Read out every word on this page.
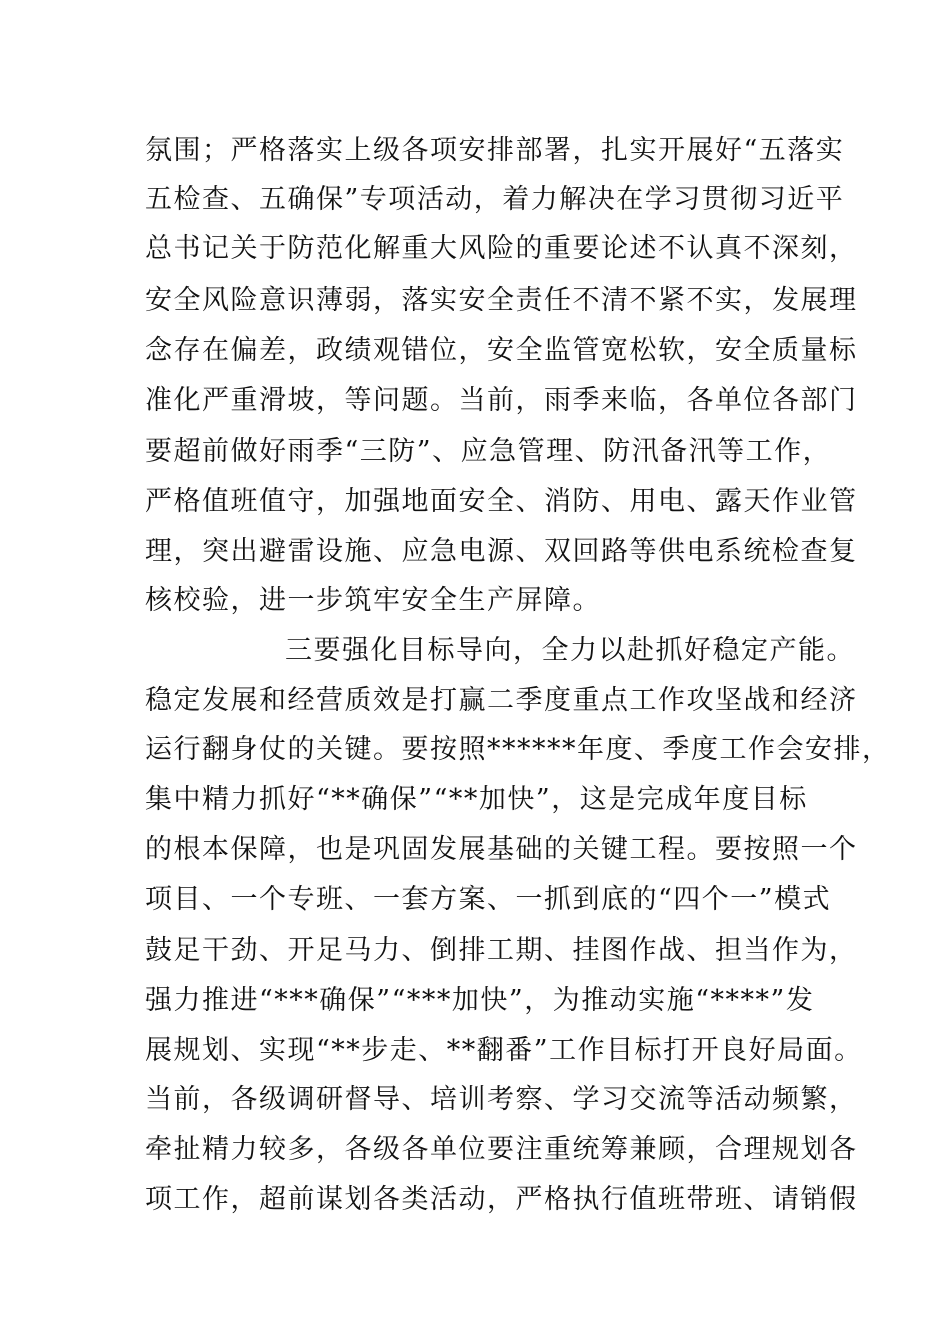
氛围；严格落实上级各项安排部署，扎实开展好“五落实
五检查、五确保”专项活动，着力解决在学习贯彻习近平
总书记关于防范化解重大风险的重要论述不认真不深刻，
安全风险意识薄弱，落实安全责任不清不紧不实，发展理
念存在偏差，政绩观错位，安全监管宽松软，安全质量标
准化严重滑坡，等问题。当前，雨季来临，各单位各部门
要超前做好雨季“三防”、应急管理、防汛备汛等工作，
严格值班值守，加强地面安全、消防、用电、露天作业管
理，突出避雷设施、应急电源、双回路等供电系统检查复
核校验，进一步筑牢安全生产屏障。
三要强化目标导向，全力以赴抓好稳定产能。
稳定发展和经营质效是打赢二季度重点工作攻坚战和经济
运行翻身仗的关键。要按照******年度、季度工作会安排，
集中精力抓好“**确保”“**加快”，这是完成年度目标
的根本保障，也是巩固发展基础的关键工程。要按照一个
项目、一个专班、一套方案、一抓到底的“四个一”模式
鼓足干劲、开足马力、倒排工期、挂图作战、担当作为，
强力推进“***确保”“***加快”，为推动实施“****”发
展规划、实现“**步走、**翻番”工作目标打开良好局面。
当前，各级调研督导、培训考察、学习交流等活动频繁，
牵扯精力较多，各级各单位要注重统筹兼顾，合理规划各
项工作，超前谋划各类活动，严格执行值班带班、请销假
